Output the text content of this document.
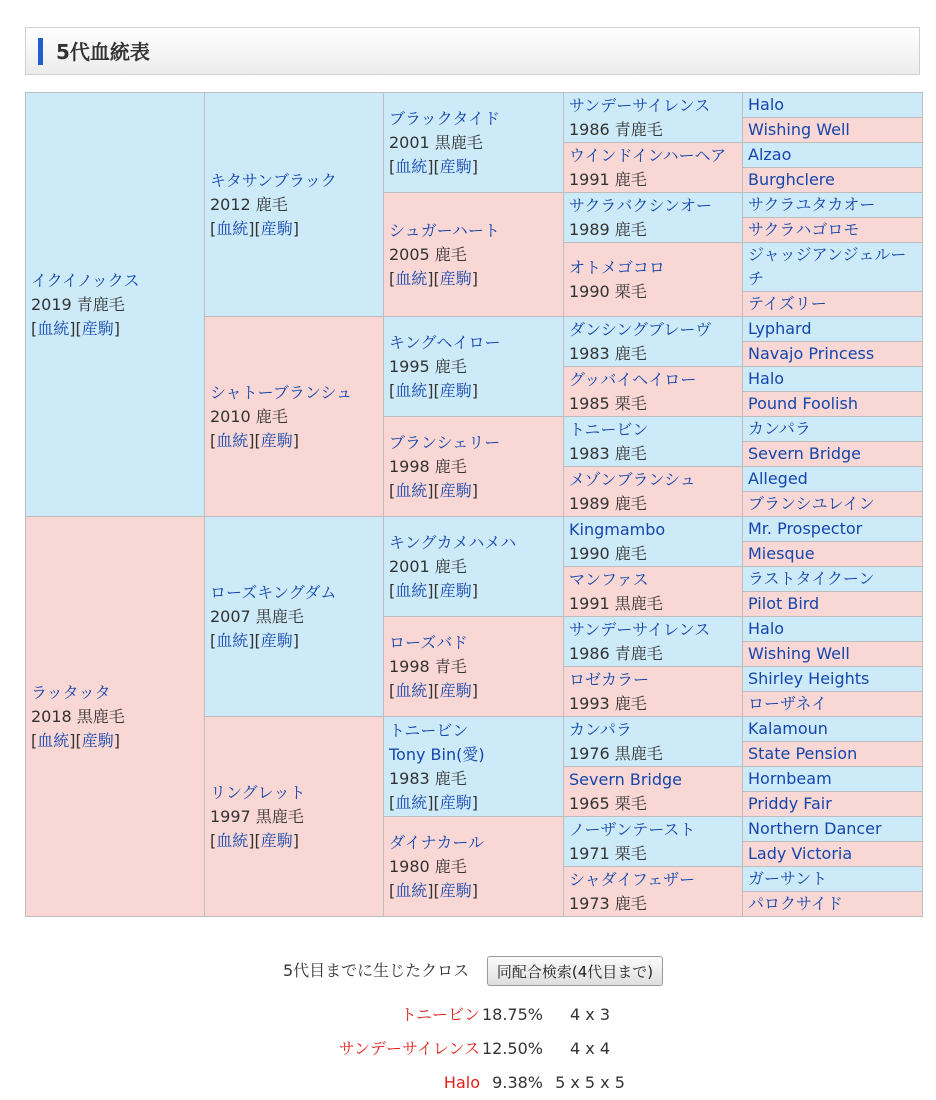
5代血統表
イクイノックス
2019 青鹿毛
[血統][産駒]	キタサンブラック
2012 鹿毛
[血統][産駒]	ブラックタイド
2001 黒鹿毛
[血統][産駒]	サンデーサイレンス
1986 青鹿毛	Halo
				Wishing Well
			ウインドインハーヘア
1991 鹿毛	Alzao
				Burghclere
		シュガーハート
2005 鹿毛
[血統][産駒]	サクラバクシンオー
1989 鹿毛	サクラユタカオー
				サクラハゴロモ
			オトメゴコロ
1990 栗毛	ジャッジアンジェルーチ
				テイズリー
	シャトーブランシュ
2010 鹿毛
[血統][産駒]	キングヘイロー
1995 鹿毛
[血統][産駒]	ダンシングブレーヴ
1983 鹿毛	Lyphard
				Navajo Princess
			グッバイヘイロー
1985 栗毛	Halo
				Pound Foolish
		ブランシェリー
1998 鹿毛
[血統][産駒]	トニービン
1983 鹿毛	カンパラ
				Severn Bridge
			メゾンブランシュ
1989 鹿毛	Alleged
				ブランシユレイン
ラッタッタ
2018 黒鹿毛
[血統][産駒]	ローズキングダム
2007 黒鹿毛
[血統][産駒]	キングカメハメハ
2001 鹿毛
[血統][産駒]	Kingmambo
1990 鹿毛	Mr. Prospector
				Miesque
			マンファス
1991 黒鹿毛	ラストタイクーン
				Pilot Bird
		ローズバド
1998 青毛
[血統][産駒]	サンデーサイレンス
1986 青鹿毛	Halo
				Wishing Well
			ロゼカラー
1993 鹿毛	Shirley Heights
				ローザネイ
	リングレット
1997 黒鹿毛
[血統][産駒]	トニービン
Tony Bin(愛)
1983 鹿毛
[血統][産駒]	カンパラ
1976 黒鹿毛	Kalamoun
				State Pension
			Severn Bridge
1965 栗毛	Hornbeam
				Priddy Fair
		ダイナカール
1980 鹿毛
[血統][産駒]	ノーザンテースト
1971 栗毛	Northern Dancer
				Lady Victoria
			シャダイフェザー
1973 鹿毛	ガーサント
				パロクサイド
5代目までに生じたクロス	同配合検索(4代目まで)
トニービン 18.75%	4 x 3
サンデーサイレンス 12.50%	4 x 4
Halo 9.38% 5 x 5 x 5
